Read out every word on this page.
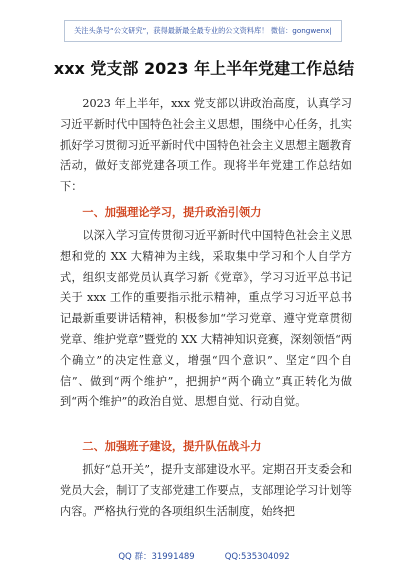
关注头条号“公文研究”，获得最新最全最专业的公文资料库！ 微信：gongwenx|
xxx 党支部 2023 年上半年党建工作总结

2023 年上半年，xxx 党支部以讲政治高度，认真学习习近平新时代中国特色社会主义思想，围绕中心任务，扎实抓好学习贯彻习近平新时代中国特色社会主义思想主题教育活动，做好支部党建各项工作。现将半年党建工作总结如下：

一、加强理论学习，提升政治引领力

以深入学习宣传贯彻习近平新时代中国特色社会主义思想和党的 XX 大精神为主线，采取集中学习和个人自学方式，组织支部党员认真学习新《党章》，学习习近平总书记关于 xxx 工作的重要指示批示精神，重点学习习近平总书记最新重要讲话精神，积极参加“学习党章、遵守党章贯彻党章、维护党章”暨党的 XX 大精神知识竞赛，深刻领悟“两个确立”的决定性意义，增强“四个意识”、坚定“四个自信”、做到“两个维护”，把拥护“两个确立”真正转化为做到“两个维护”的政治自觉、思想自觉、行动自觉。

二、加强班子建设，提升队伍战斗力

抓好“总开关”，提升支部建设水平。定期召开支委会和党员大会，制订了支部党建工作要点，支部理论学习计划等内容。严格执行党的各项组织生活制度，始终把

QQ 群：31991489	QQ:535304092
